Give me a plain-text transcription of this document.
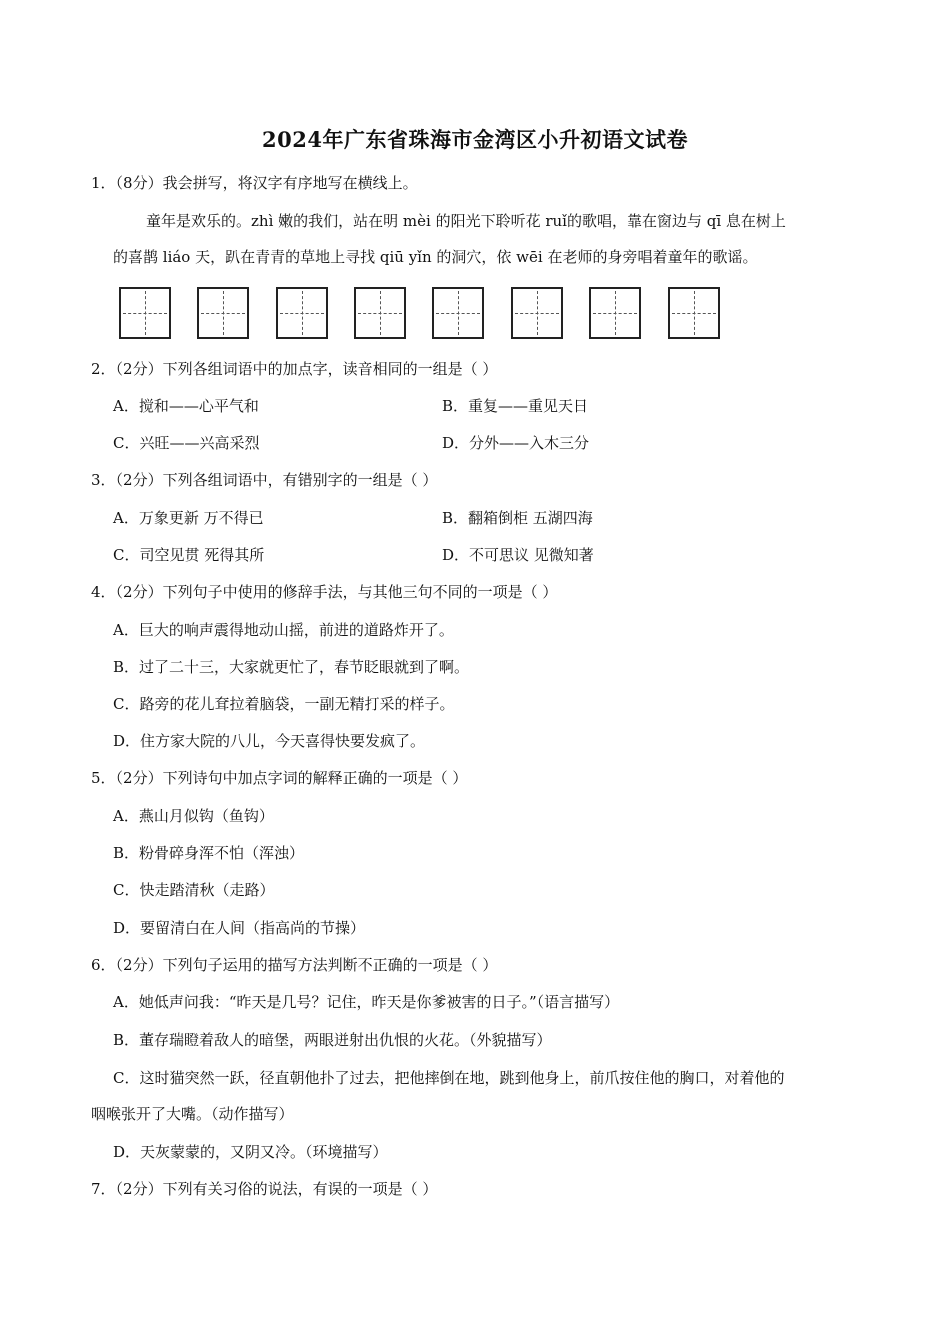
2024年广东省珠海市金湾区小升初语文试卷
1．（8分）我会拼写，将汉字有序地写在横线上。
童年是欢乐的。zhì 嫩的我们，站在明 mèi 的阳光下聆听花 ruǐ的歌唱，靠在窗边与 qī 息在树上
的喜鹊 liáo 天，趴在青青的草地上寻找 qiū yǐn 的洞穴，依 wēi 在老师的身旁唱着童年的歌谣。
2．（2分）下列各组词语中的加点字，读音相同的一组是（ ）
A．搅和——心平气和	B．重复——重见天日
C．兴旺——兴高采烈	D．分外——入木三分
3．（2分）下列各组词语中，有错别字的一组是（ ）
A．万象更新 万不得已	B．翻箱倒柜 五湖四海
C．司空见贯 死得其所	D．不可思议 见微知著
4．（2分）下列句子中使用的修辞手法，与其他三句不同的一项是（ ）
A．巨大的响声震得地动山摇，前进的道路炸开了。
B．过了二十三，大家就更忙了，春节眨眼就到了啊。
C．路旁的花儿耷拉着脑袋，一副无精打采的样子。
D．住方家大院的八儿，今天喜得快要发疯了。
5．（2分）下列诗句中加点字词的解释正确的一项是（ ）
A．燕山月似钩（鱼钩）
B．粉骨碎身浑不怕（浑浊）
C．快走踏清秋（走路）
D．要留清白在人间（指高尚的节操）
6．（2分）下列句子运用的描写方法判断不正确的一项是（ ）
A．她低声问我：“昨天是几号？记住，昨天是你爹被害的日子。”（语言描写）
B．董存瑞瞪着敌人的暗堡，两眼迸射出仇恨的火花。（外貌描写）
C．这时猫突然一跃，径直朝他扑了过去，把他摔倒在地，跳到他身上，前爪按住他的胸口，对着他的
咽喉张开了大嘴。（动作描写）
D．天灰蒙蒙的，又阴又冷。（环境描写）
7．（2分）下列有关习俗的说法，有误的一项是（ ）
